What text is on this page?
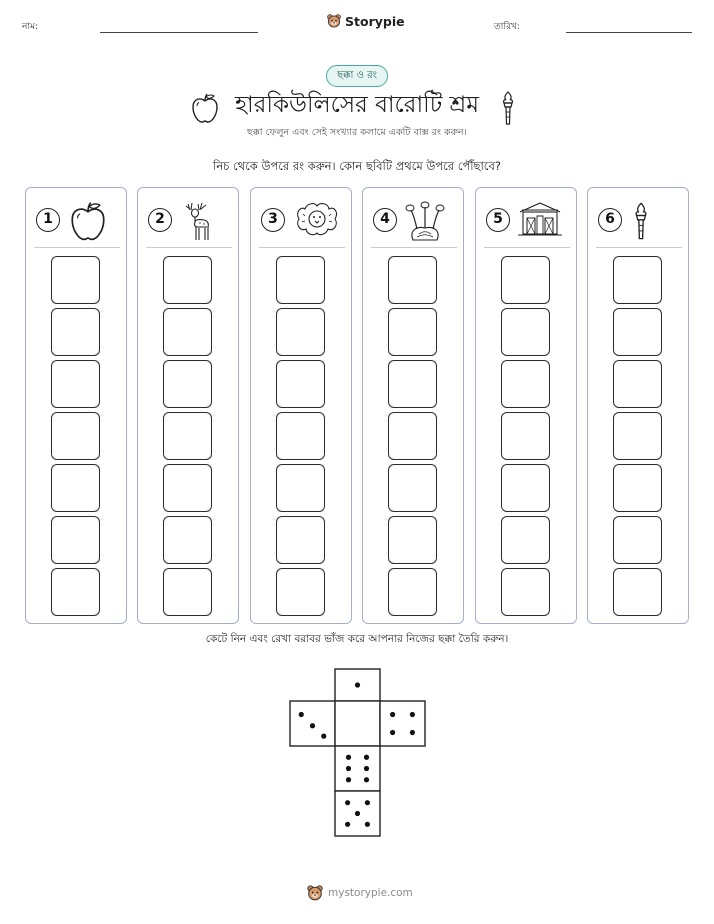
নাম:	Storypie	তারিখ:
ছক্কা ও রং
হারকিউলিসের বারোটি শ্রম
ছক্কা ফেলুন এবং সেই সংখ্যার কলামে একটি বাক্স রং করুন।
নিচ থেকে উপরে রং করুন। কোন ছবিটি প্রথমে উপরে পৌঁছাবে?
1	2	3	4	5	6
কেটে নিন এবং রেখা বরাবর ভাঁজ করে আপনার নিজের ছক্কা তৈরি করুন।
mystorypie.com
